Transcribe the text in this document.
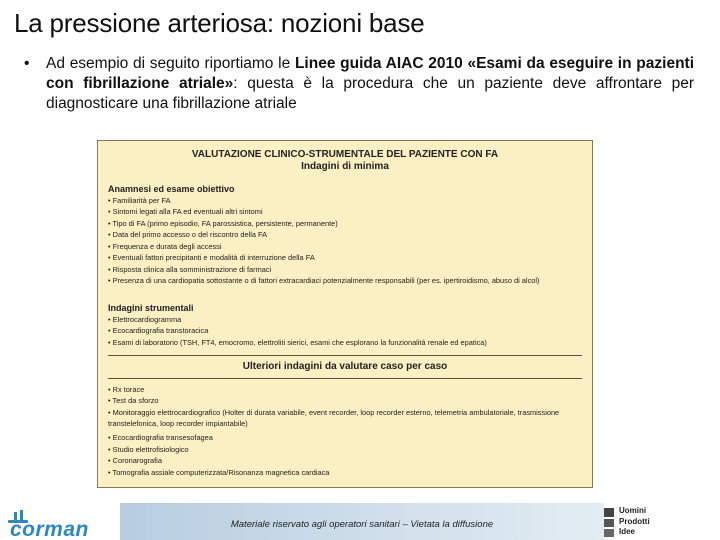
La pressione arteriosa: nozioni base
• Ad esempio di seguito riportiamo le Linee guida AIAC 2010 «Esami da eseguire in pazienti con fibrillazione atriale»: questa è la procedura che un paziente deve affrontare per diagnosticare una fibrillazione atriale
VALUTAZIONE CLINICO-STRUMENTALE DEL PAZIENTE CON FA
Indagini di minima
Anamnesi ed esame obiettivo
• Familiarità per FA
• Sintomi legati alla FA ed eventuali altri sintomi
• Tipo di FA (primo episodio, FA parossistica, persistente, permanente)
• Data del primo accesso o del riscontro della FA
• Frequenza e durata degli accessi
• Eventuali fattori precipitanti e modalità di interruzione della FA
• Risposta clinica alla somministrazione di farmaci
• Presenza di una cardiopatia sottostante o di fattori extracardiaci potenzialmente responsabili (per es. ipertiroidismo, abuso di alcol)
Indagini strumentali
• Elettrocardiogramma
• Ecocardiografia transtoracica
• Esami di laboratorio (TSH, FT4, emocromo, elettroliti sierici, esami che esplorano la funzionalità renale ed epatica)
Ulteriori indagini da valutare caso per caso
• Rx torace
• Test da sforzo
• Monitoraggio elettrocardiografico (Holter di durata variabile, event recorder, loop recorder esterno, telemetria ambulatoriale, trasmissione transtelefonica, loop recorder impiantabile)
• Ecocardiografia transesofagea
• Studio elettrofisiologico
• Coronarografia
• Tomografia assiale computerizzata/Risonanza magnetica cardiaca
Materiale riservato agli operatori sanitari – Vietata la diffusione
corman
Uomini
Prodotti
Idee
